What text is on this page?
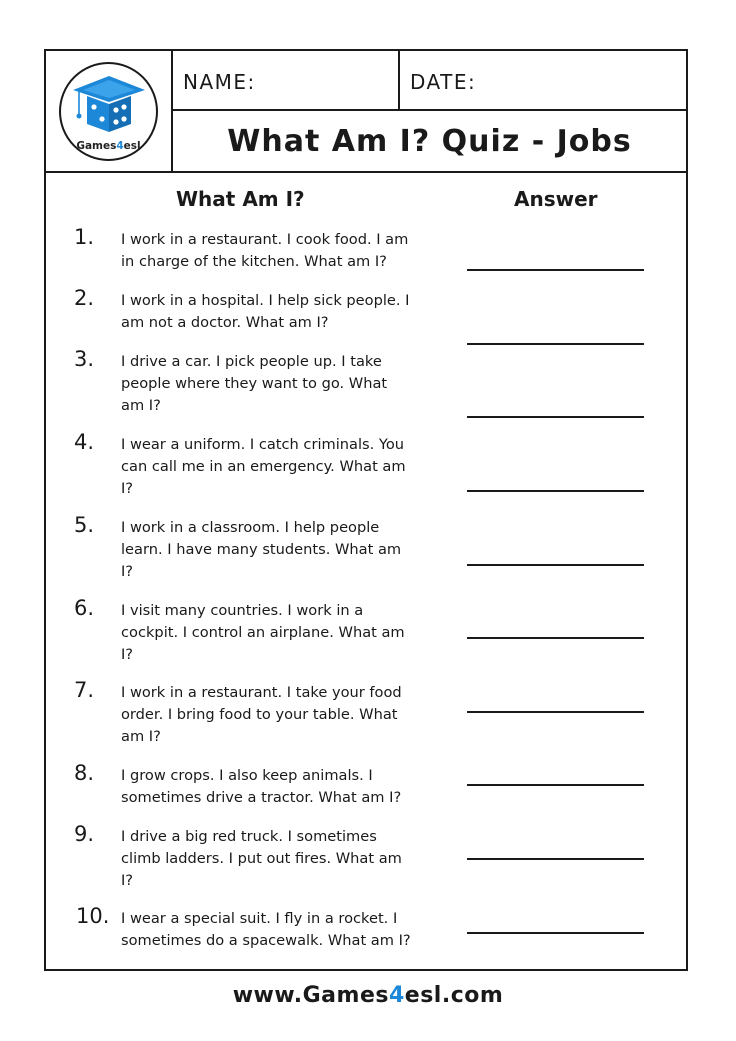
Games4esl
NAME:	DATE:
What Am I? Quiz - Jobs
What Am I?	Answer
1. I work in a restaurant. I cook food. I am in charge of the kitchen. What am I?
2. I work in a hospital. I help sick people. I am not a doctor. What am I?
3. I drive a car. I pick people up. I take people where they want to go. What am I?
4. I wear a uniform. I catch criminals. You can call me in an emergency. What am I?
5. I work in a classroom. I help people learn. I have many students. What am I?
6. I visit many countries. I work in a cockpit. I control an airplane. What am I?
7. I work in a restaurant. I take your food order. I bring food to your table. What am I?
8. I grow crops. I also keep animals. I sometimes drive a tractor. What am I?
9. I drive a big red truck. I sometimes climb ladders. I put out fires. What am I?
10. I wear a special suit. I fly in a rocket. I sometimes do a spacewalk. What am I?
www.Games4esl.com
